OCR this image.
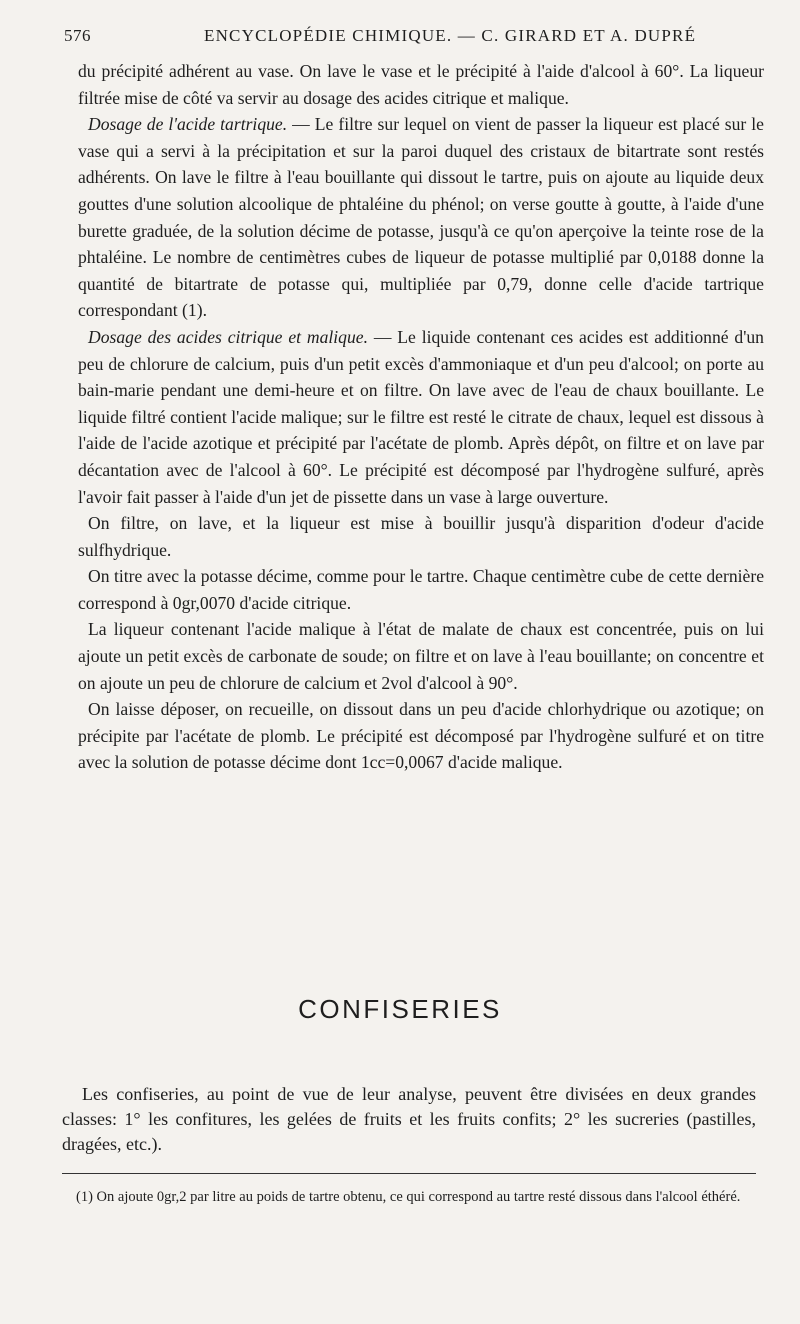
576	ENCYCLOPÉDIE CHIMIQUE. — C. GIRARD ET A. DUPRÉ

du précipité adhérent au vase. On lave le vase et le précipité à l'aide d'alcool à 60°. La liqueur filtrée mise de côté va servir au dosage des acides citrique et malique.

Dosage de l'acide tartrique. — Le filtre sur lequel on vient de passer la liqueur est placé sur le vase qui a servi à la précipitation et sur la paroi duquel des cristaux de bitartrate sont restés adhérents. On lave le filtre à l'eau bouillante qui dissout le tartre, puis on ajoute au liquide deux gouttes d'une solution alcoolique de phtaléine du phénol; on verse goutte à goutte, à l'aide d'une burette graduée, de la solution décime de potasse, jusqu'à ce qu'on aperçoive la teinte rose de la phtaléine. Le nombre de centimètres cubes de liqueur de potasse multiplié par 0,0188 donne la quantité de bitartrate de potasse qui, multipliée par 0,79, donne celle d'acide tartrique correspondant (1).

Dosage des acides citrique et malique. — Le liquide contenant ces acides est additionné d'un peu de chlorure de calcium, puis d'un petit excès d'ammoniaque et d'un peu d'alcool; on porte au bain-marie pendant une demi-heure et on filtre. On lave avec de l'eau de chaux bouillante. Le liquide filtré contient l'acide malique; sur le filtre est resté le citrate de chaux, lequel est dissous à l'aide de l'acide azotique et précipité par l'acétate de plomb. Après dépôt, on filtre et on lave par décantation avec de l'alcool à 60°. Le précipité est décomposé par l'hydrogène sulfuré, après l'avoir fait passer à l'aide d'un jet de pissette dans un vase à large ouverture.

On filtre, on lave, et la liqueur est mise à bouillir jusqu'à disparition d'odeur d'acide sulfhydrique.

On titre avec la potasse décime, comme pour le tartre. Chaque centimètre cube de cette dernière correspond à 0gr,0070 d'acide citrique.

La liqueur contenant l'acide malique à l'état de malate de chaux est concentrée, puis on lui ajoute un petit excès de carbonate de soude; on filtre et on lave à l'eau bouillante; on concentre et on ajoute un peu de chlorure de calcium et 2vol d'alcool à 90°.

On laisse déposer, on recueille, on dissout dans un peu d'acide chlorhydrique ou azotique; on précipite par l'acétate de plomb. Le précipité est décomposé par l'hydrogène sulfuré et on titre avec la solution de potasse décime dont 1cc=0,0067 d'acide malique.

CONFISERIES

Les confiseries, au point de vue de leur analyse, peuvent être divisées en deux grandes classes: 1° les confitures, les gelées de fruits et les fruits confits; 2° les sucreries (pastilles, dragées, etc.).

(1) On ajoute 0gr,2 par litre au poids de tartre obtenu, ce qui correspond au tartre resté dissous dans l'alcool éthéré.
